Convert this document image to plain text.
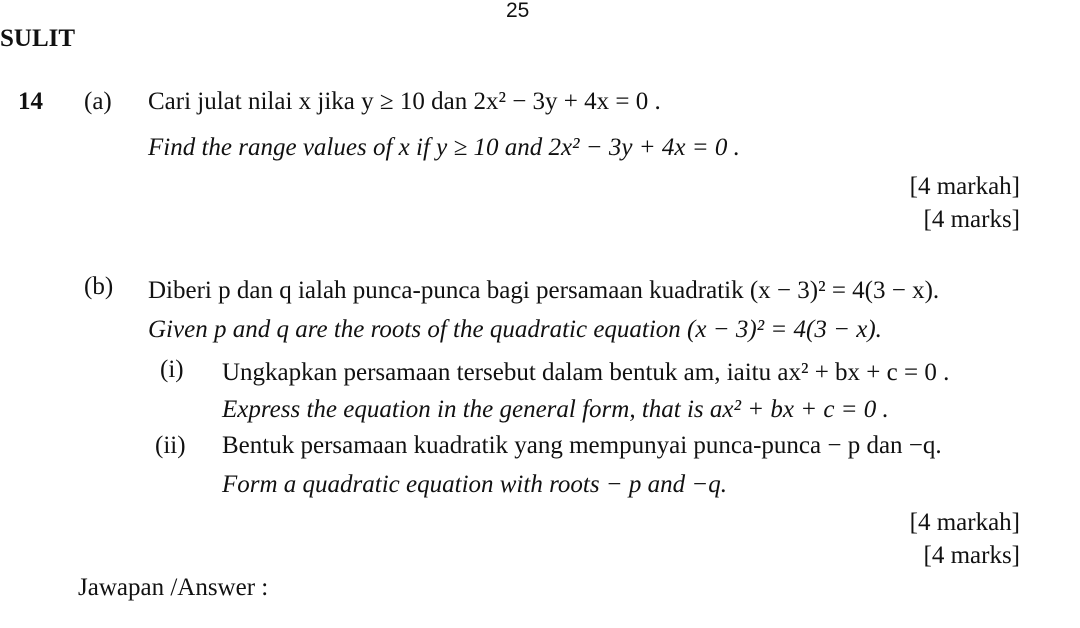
25
SULIT
14 (a) Cari julat nilai x jika y ≥ 10 dan 2x² − 3y + 4x = 0 .
Find the range values of x if y ≥ 10 and 2x² − 3y + 4x = 0 .
[4 markah]
[4 marks]
(b) Diberi p dan q ialah punca-punca bagi persamaan kuadratik (x − 3)² = 4(3 − x).
Given p and q are the roots of the quadratic equation (x − 3)² = 4(3 − x).
(i) Ungkapkan persamaan tersebut dalam bentuk am, iaitu ax² + bx + c = 0 .
Express the equation in the general form, that is ax² + bx + c = 0 .
(ii) Bentuk persamaan kuadratik yang mempunyai punca-punca − p dan −q.
Form a quadratic equation with roots − p and −q.
[4 markah]
[4 marks]
Jawapan /Answer :
